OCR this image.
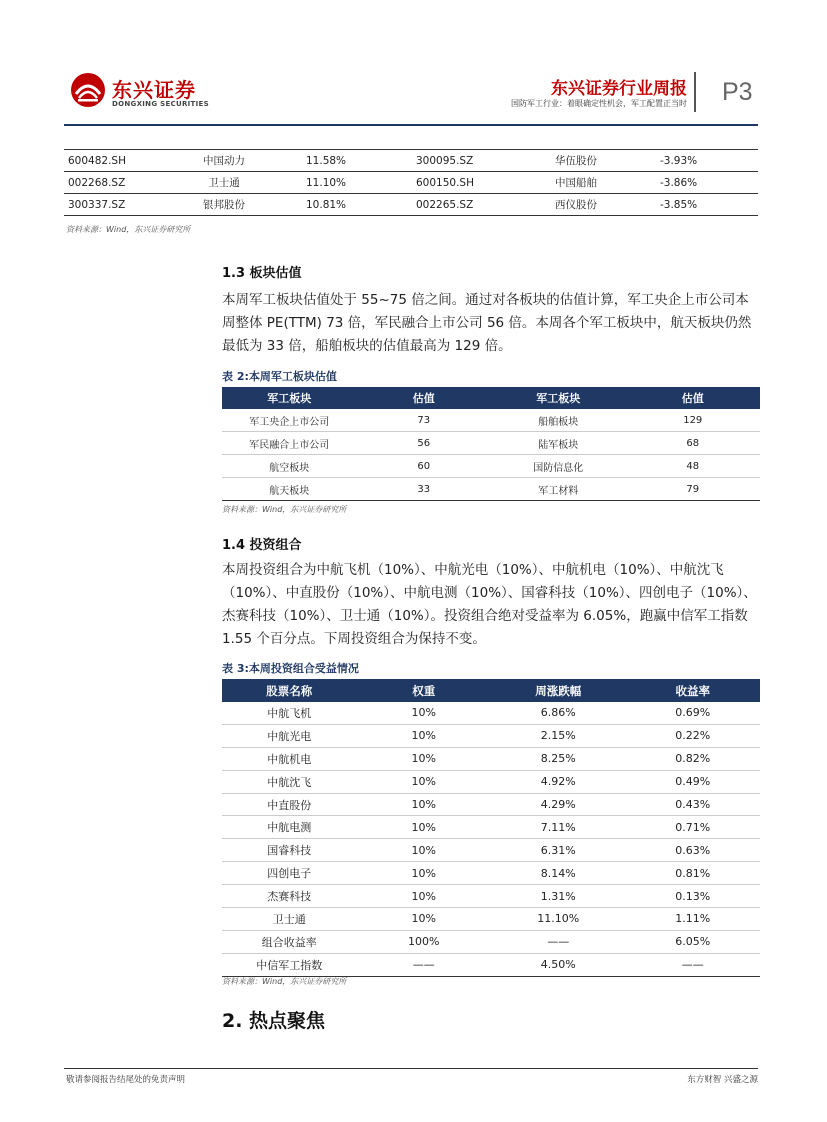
东兴证券
DONGXING SECURITIES
东兴证券行业周报
国防军工行业：着眼确定性机会，军工配置正当时 P3
600482.SH	中国动力	11.58%	300095.SZ	华伍股份	-3.93%
002268.SZ	卫士通	11.10%	600150.SH	中国船舶	-3.86%
300337.SZ	银邦股份	10.81%	002265.SZ	西仪股份	-3.85%
资料来源：Wind，东兴证券研究所
1.3 板块估值
本周军工板块估值处于 55~75 倍之间。通过对各板块的估值计算，军工央企上市公司本周整体 PE(TTM) 73 倍，军民融合上市公司 56 倍。本周各个军工板块中，航天板块仍然最低为 33 倍，船舶板块的估值最高为 129 倍。
表 2:本周军工板块估值
军工板块	估值	军工板块	估值
军工央企上市公司	73	船舶板块	129
军民融合上市公司	56	陆军板块	68
航空板块	60	国防信息化	48
航天板块	33	军工材料	79
资料来源：Wind，东兴证券研究所
1.4 投资组合
本周投资组合为中航飞机（10%）、中航光电（10%）、中航机电（10%）、中航沈飞（10%）、中直股份（10%）、中航电测（10%）、国睿科技（10%）、四创电子（10%）、杰赛科技（10%）、卫士通（10%）。投资组合绝对受益率为 6.05%，跑赢中信军工指数 1.55 个百分点。下周投资组合为保持不变。
表 3:本周投资组合受益情况
股票名称	权重	周涨跌幅	收益率
中航飞机	10%	6.86%	0.69%
中航光电	10%	2.15%	0.22%
中航机电	10%	8.25%	0.82%
中航沈飞	10%	4.92%	0.49%
中直股份	10%	4.29%	0.43%
中航电测	10%	7.11%	0.71%
国睿科技	10%	6.31%	0.63%
四创电子	10%	8.14%	0.81%
杰赛科技	10%	1.31%	0.13%
卫士通	10%	11.10%	1.11%
组合收益率	100%	——	6.05%
中信军工指数	——	4.50%	——
资料来源：Wind，东兴证券研究所
2. 热点聚焦
敬请参阅报告结尾处的免责声明	东方财智 兴盛之源
